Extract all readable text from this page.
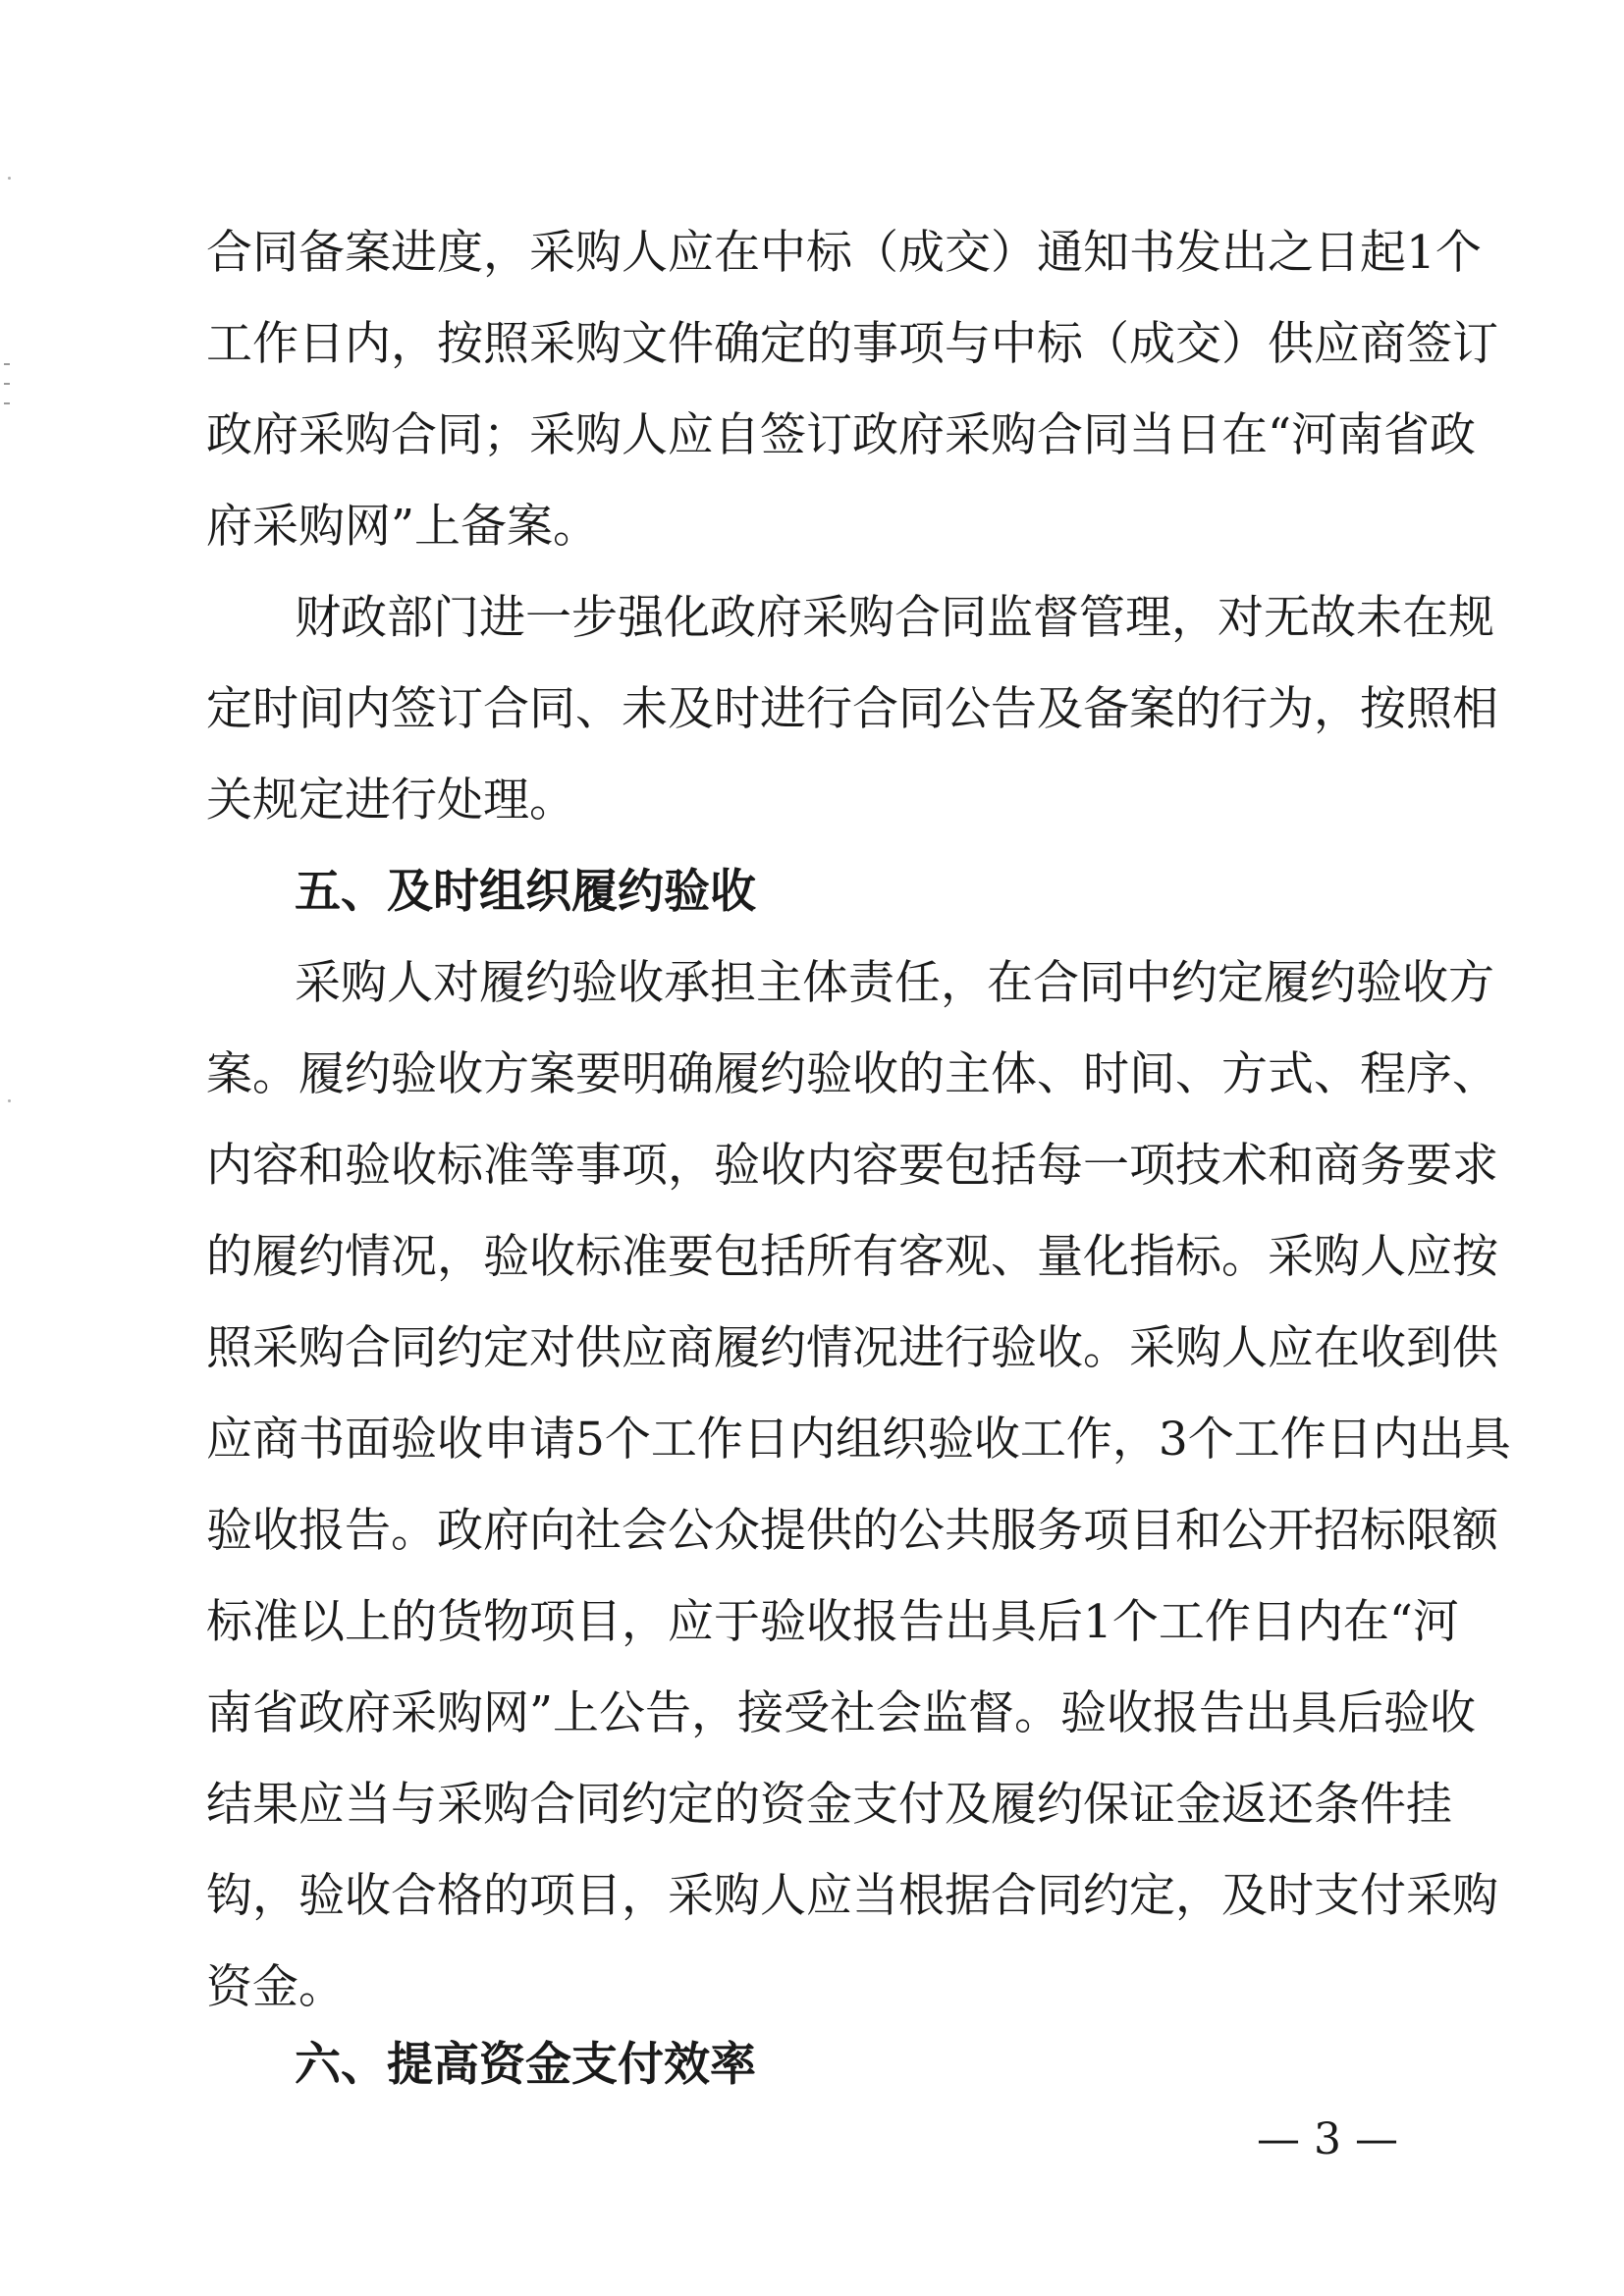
合同备案进度，采购人应在中标（成交）通知书发出之日起1个
工作日内，按照采购文件确定的事项与中标（成交）供应商签订
政府采购合同；采购人应自签订政府采购合同当日在“河南省政
府采购网”上备案。
财政部门进一步强化政府采购合同监督管理，对无故未在规
定时间内签订合同、未及时进行合同公告及备案的行为，按照相
关规定进行处理。
五、及时组织履约验收
采购人对履约验收承担主体责任，在合同中约定履约验收方
案。履约验收方案要明确履约验收的主体、时间、方式、程序、
内容和验收标准等事项，验收内容要包括每一项技术和商务要求
的履约情况，验收标准要包括所有客观、量化指标。采购人应按
照采购合同约定对供应商履约情况进行验收。采购人应在收到供
应商书面验收申请5个工作日内组织验收工作，3个工作日内出具
验收报告。政府向社会公众提供的公共服务项目和公开招标限额
标准以上的货物项目，应于验收报告出具后1个工作日内在“河
南省政府采购网”上公告，接受社会监督。验收报告出具后验收
结果应当与采购合同约定的资金支付及履约保证金返还条件挂
钩，验收合格的项目，采购人应当根据合同约定，及时支付采购
资金。
六、提高资金支付效率
— 3 —
